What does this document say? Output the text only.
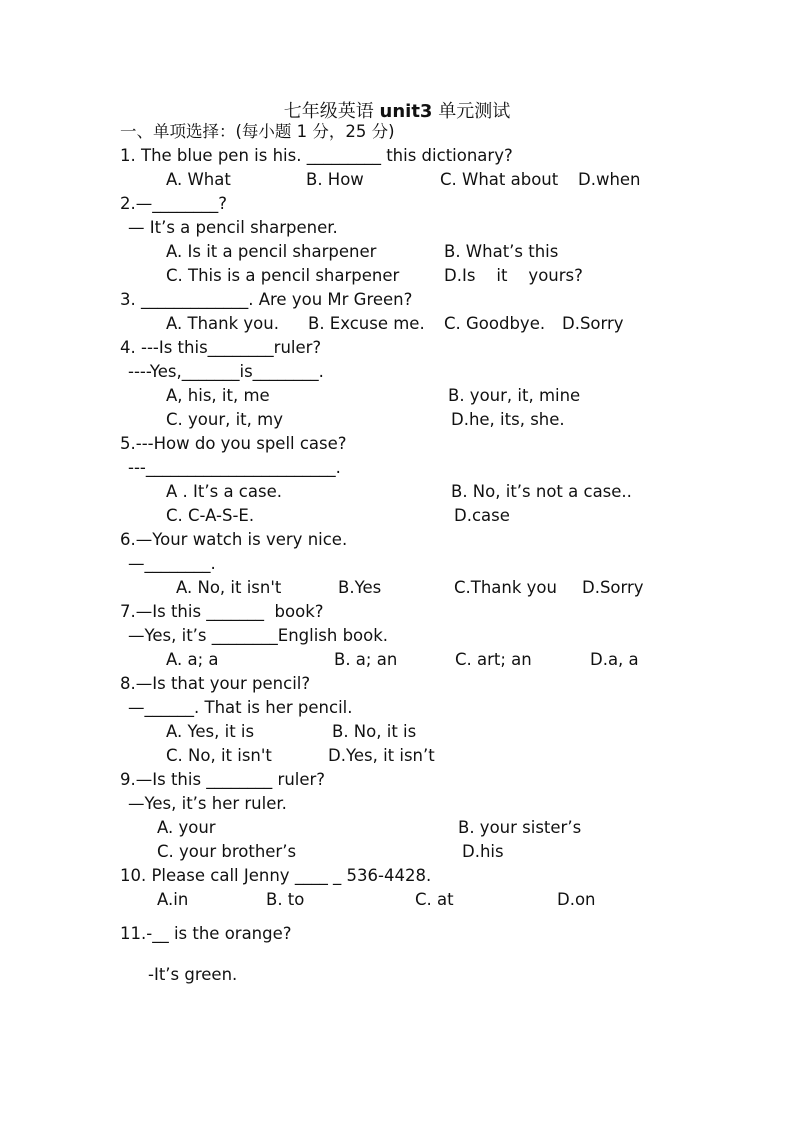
七年级英语 unit3 单元测试
一、单项选择：(每小题 1 分，25 分)
1. The blue pen is his. _________ this dictionary?
A. What	B. How	C. What about D.when
2.—________?
— It’s a pencil sharpener.
A. Is it a pencil sharpener	B. What’s this
C. This is a pencil sharpener	D.Is    it    yours?
3. _____________. Are you Mr Green?
A. Thank you. B. Excuse me. C. Goodbye. D.Sorry
4. ---Is this________ruler?
----Yes,_______is________.
A, his, it, me	B. your, it, mine
C. your, it, my	D.he, its, she.
5.---How do you spell case?
---_______________________.
A . It’s a case.	B. No, it’s not a case..
C. C-A-S-E.	D.case
6.—Your watch is very nice.
—________.
A. No, it isn't	B.Yes	C.Thank you D.Sorry
7.—Is this _______  book?
—Yes, it’s ________English book.
A. a; a	B. a; an	C. art; an	D.a, a
8.—Is that your pencil?
—______. That is her pencil.
A. Yes, it is	B. No, it is
C. No, it isn't	D.Yes, it isn’t
9.—Is this ________ ruler?
—Yes, it’s her ruler.
A. your	B. your sister’s
C. your brother’s	D.his
10. Please call Jenny ____ _ 536-4428.
A.in	B. to	C. at	D.on
11.-__ is the orange?
-It’s green.
